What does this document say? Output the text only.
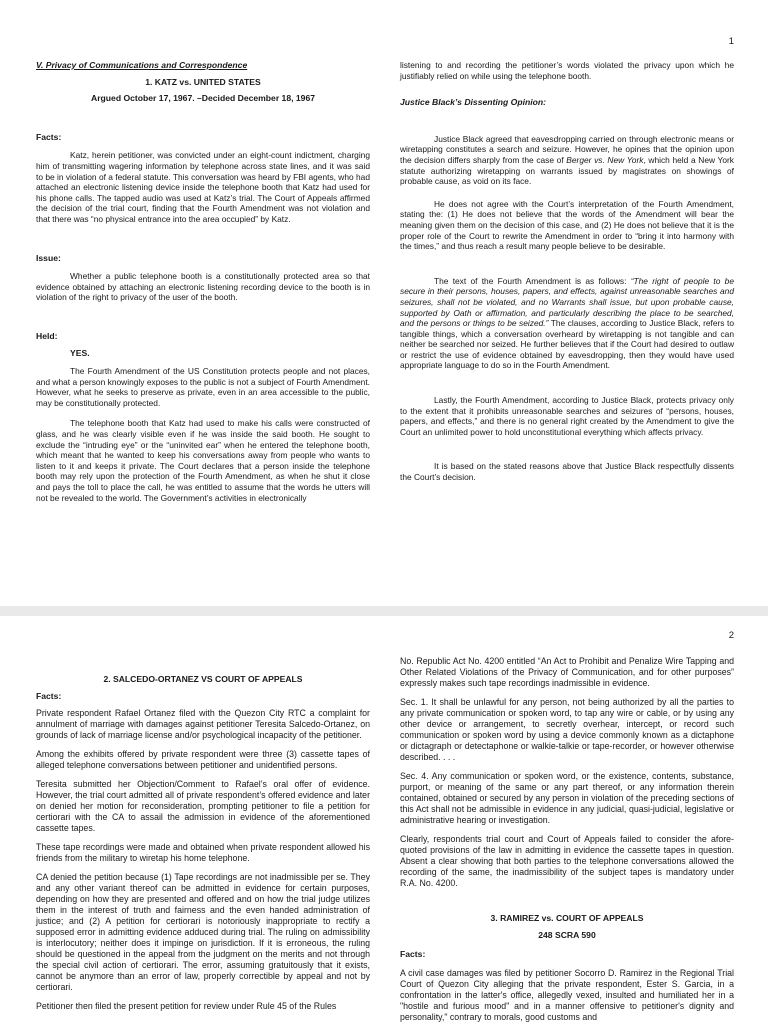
1

V. Privacy of Communications and Correspondence

1. KATZ vs. UNITED STATES

Argued October 17, 1967. –Decided December 18, 1967

Facts:

Katz, herein petitioner, was convicted under an eight-count indictment, charging him of transmitting wagering information by telephone across state lines, and it was said to be in violation of a federal statute. This conversation was heard by FBI agents, who had attached an electronic listening device inside the telephone booth that Katz had used for his phone calls. The tapped audio was used at Katz’s trial. The Court of Appeals affirmed the decision of the trial court, finding that the Fourth Amendment was not violation and that there was “no physical entrance into the area occupied” by Katz.

Issue:

Whether a public telephone booth is a constitutionally protected area so that evidence obtained by attaching an electronic listening recording device to the booth is in violation of the right to privacy of the user of the booth.

Held:

YES.

The Fourth Amendment of the US Constitution protects people and not places, and what a person knowingly exposes to the public is not a subject of Fourth Amendment. However, what he seeks to preserve as private, even in an area accessible to the public, may be constitutionally protected.

The telephone booth that Katz had used to make his calls were constructed of glass, and he was clearly visible even if he was inside the said booth. He sought to exclude the “intruding eye” or the “uninvited ear” when he entered the telephone booth, which meant that he wanted to keep his conversations away from people who wants to listen to it and keeps it private. The Court declares that a person inside the telephone booth may rely upon the protection of the Fourth Amendment, as when he shut it close and pays the toll to place the call, he was entitled to assume that the words he utters will not be revealed to the world. The Government’s activities in electronically

listening to and recording the petitioner’s words violated the privacy upon which he justifiably relied on while using the telephone booth.

Justice Black’s Dissenting Opinion:

Justice Black agreed that eavesdropping carried on through electronic means or wiretapping constitutes a search and seizure. However, he opines that the opinion upon the decision differs sharply from the case of Berger vs. New York, which held a New York statute authorizing wiretapping on warrants issued by magistrates on showings of probable cause, as void on its face.

He does not agree with the Court’s interpretation of the Fourth Amendment, stating the: (1) He does not believe that the words of the Amendment will bear the meaning given them on the decision of this case, and (2) He does not believe that it is the proper role of the Court to rewrite the Amendment in order to “bring it into harmony with the times,” and thus reach a result many people believe to be desirable.

The text of the Fourth Amendment is as follows: “The right of people to be secure in their persons, houses, papers, and effects, against unreasonable searches and seizures, shall not be violated, and no Warrants shall issue, but upon probable cause, supported by Oath or affirmation, and particularly describing the place to be searched, and the persons or things to be seized.” The clauses, according to Justice Black, refers to tangible things, which a conversation overheard by wiretapping is not tangible and can neither be searched nor seized. He further believes that if the Court had desired to outlaw or restrict the use of evidence obtained by eavesdropping, then they would have used appropriate language to do so in the Fourth Amendment.

Lastly, the Fourth Amendment, according to Justice Black, protects privacy only to the extent that it prohibits unreasonable searches and seizures of “persons, houses, papers, and effects,” and there is no general right created by the Amendment to give the Court an unlimited power to hold unconstitutional everything which affects privacy.

It is based on the stated reasons above that Justice Black respectfully dissents the Court’s decision.

2

2. SALCEDO-ORTANEZ VS COURT OF APPEALS

Facts:

Private respondent Rafael Ortanez filed with the Quezon City RTC a complaint for annulment of marriage with damages against petitioner Teresita Salcedo-Ortanez, on grounds of lack of marriage license and/or psychological incapacity of the petitioner.

Among the exhibits offered by private respondent were three (3) cassette tapes of alleged telephone conversations between petitioner and unidentified persons.

Teresita submitted her Objection/Comment to Rafael’s oral offer of evidence. However, the trial court admitted all of private respondent’s offered evidence and later on denied her motion for reconsideration, prompting petitioner to file a petition for certiorari with the CA to assail the admission in evidence of the aforementioned cassette tapes.

These tape recordings were made and obtained when private respondent allowed his friends from the military to wiretap his home telephone.

CA denied the petition because (1) Tape recordings are not inadmissible per se. They and any other variant thereof can be admitted in evidence for certain purposes, depending on how they are presented and offered and on how the trial judge utilizes them in the interest of truth and fairness and the even handed administration of justice; and (2) A petition for certiorari is notoriously inappropriate to rectify a supposed error in admitting evidence adduced during trial. The ruling on admissibility is interlocutory; neither does it impinge on jurisdiction. If it is erroneous, the ruling should be questioned in the appeal from the judgment on the merits and not through the special civil action of certiorari. The error, assuming gratuitously that it exists, cannot be anymore than an error of law, properly correctible by appeal and not by certiorari.

Petitioner then filed the present petition for review under Rule 45 of the Rules

No. Republic Act No. 4200 entitled “An Act to Prohibit and Penalize Wire Tapping and Other Related Violations of the Privacy of Communication, and for other purposes” expressly makes such tape recordings inadmissible in evidence.

Sec. 1. It shall be unlawful for any person, not being authorized by all the parties to any private communication or spoken word, to tap any wire or cable, or by using any other device or arrangement, to secretly overhear, intercept, or record such communication or spoken word by using a device commonly known as a dictaphone or dictagraph or detectaphone or walkie-talkie or tape-recorder, or however otherwise described. . . .

Sec. 4. Any communication or spoken word, or the existence, contents, substance, purport, or meaning of the same or any part thereof, or any information therein contained, obtained or secured by any person in violation of the preceding sections of this Act shall not be admissible in evidence in any judicial, quasi-judicial, legislative or administrative hearing or investigation.

Clearly, respondents trial court and Court of Appeals failed to consider the afore-quoted provisions of the law in admitting in evidence the cassette tapes in question. Absent a clear showing that both parties to the telephone conversations allowed the recording of the same, the inadmissibility of the subject tapes is mandatory under R.A. No. 4200.

3. RAMIREZ vs. COURT OF APPEALS

248 SCRA 590

Facts:

A civil case damages was filed by petitioner Socorro D. Ramirez in the Regional Trial Court of Quezon City alleging that the private respondent, Ester S. Garcia, in a confrontation in the latter's office, allegedly vexed, insulted and humiliated her in a "hostile and furious mood" and in a manner offensive to petitioner's dignity and personality," contrary to morals, good customs and
